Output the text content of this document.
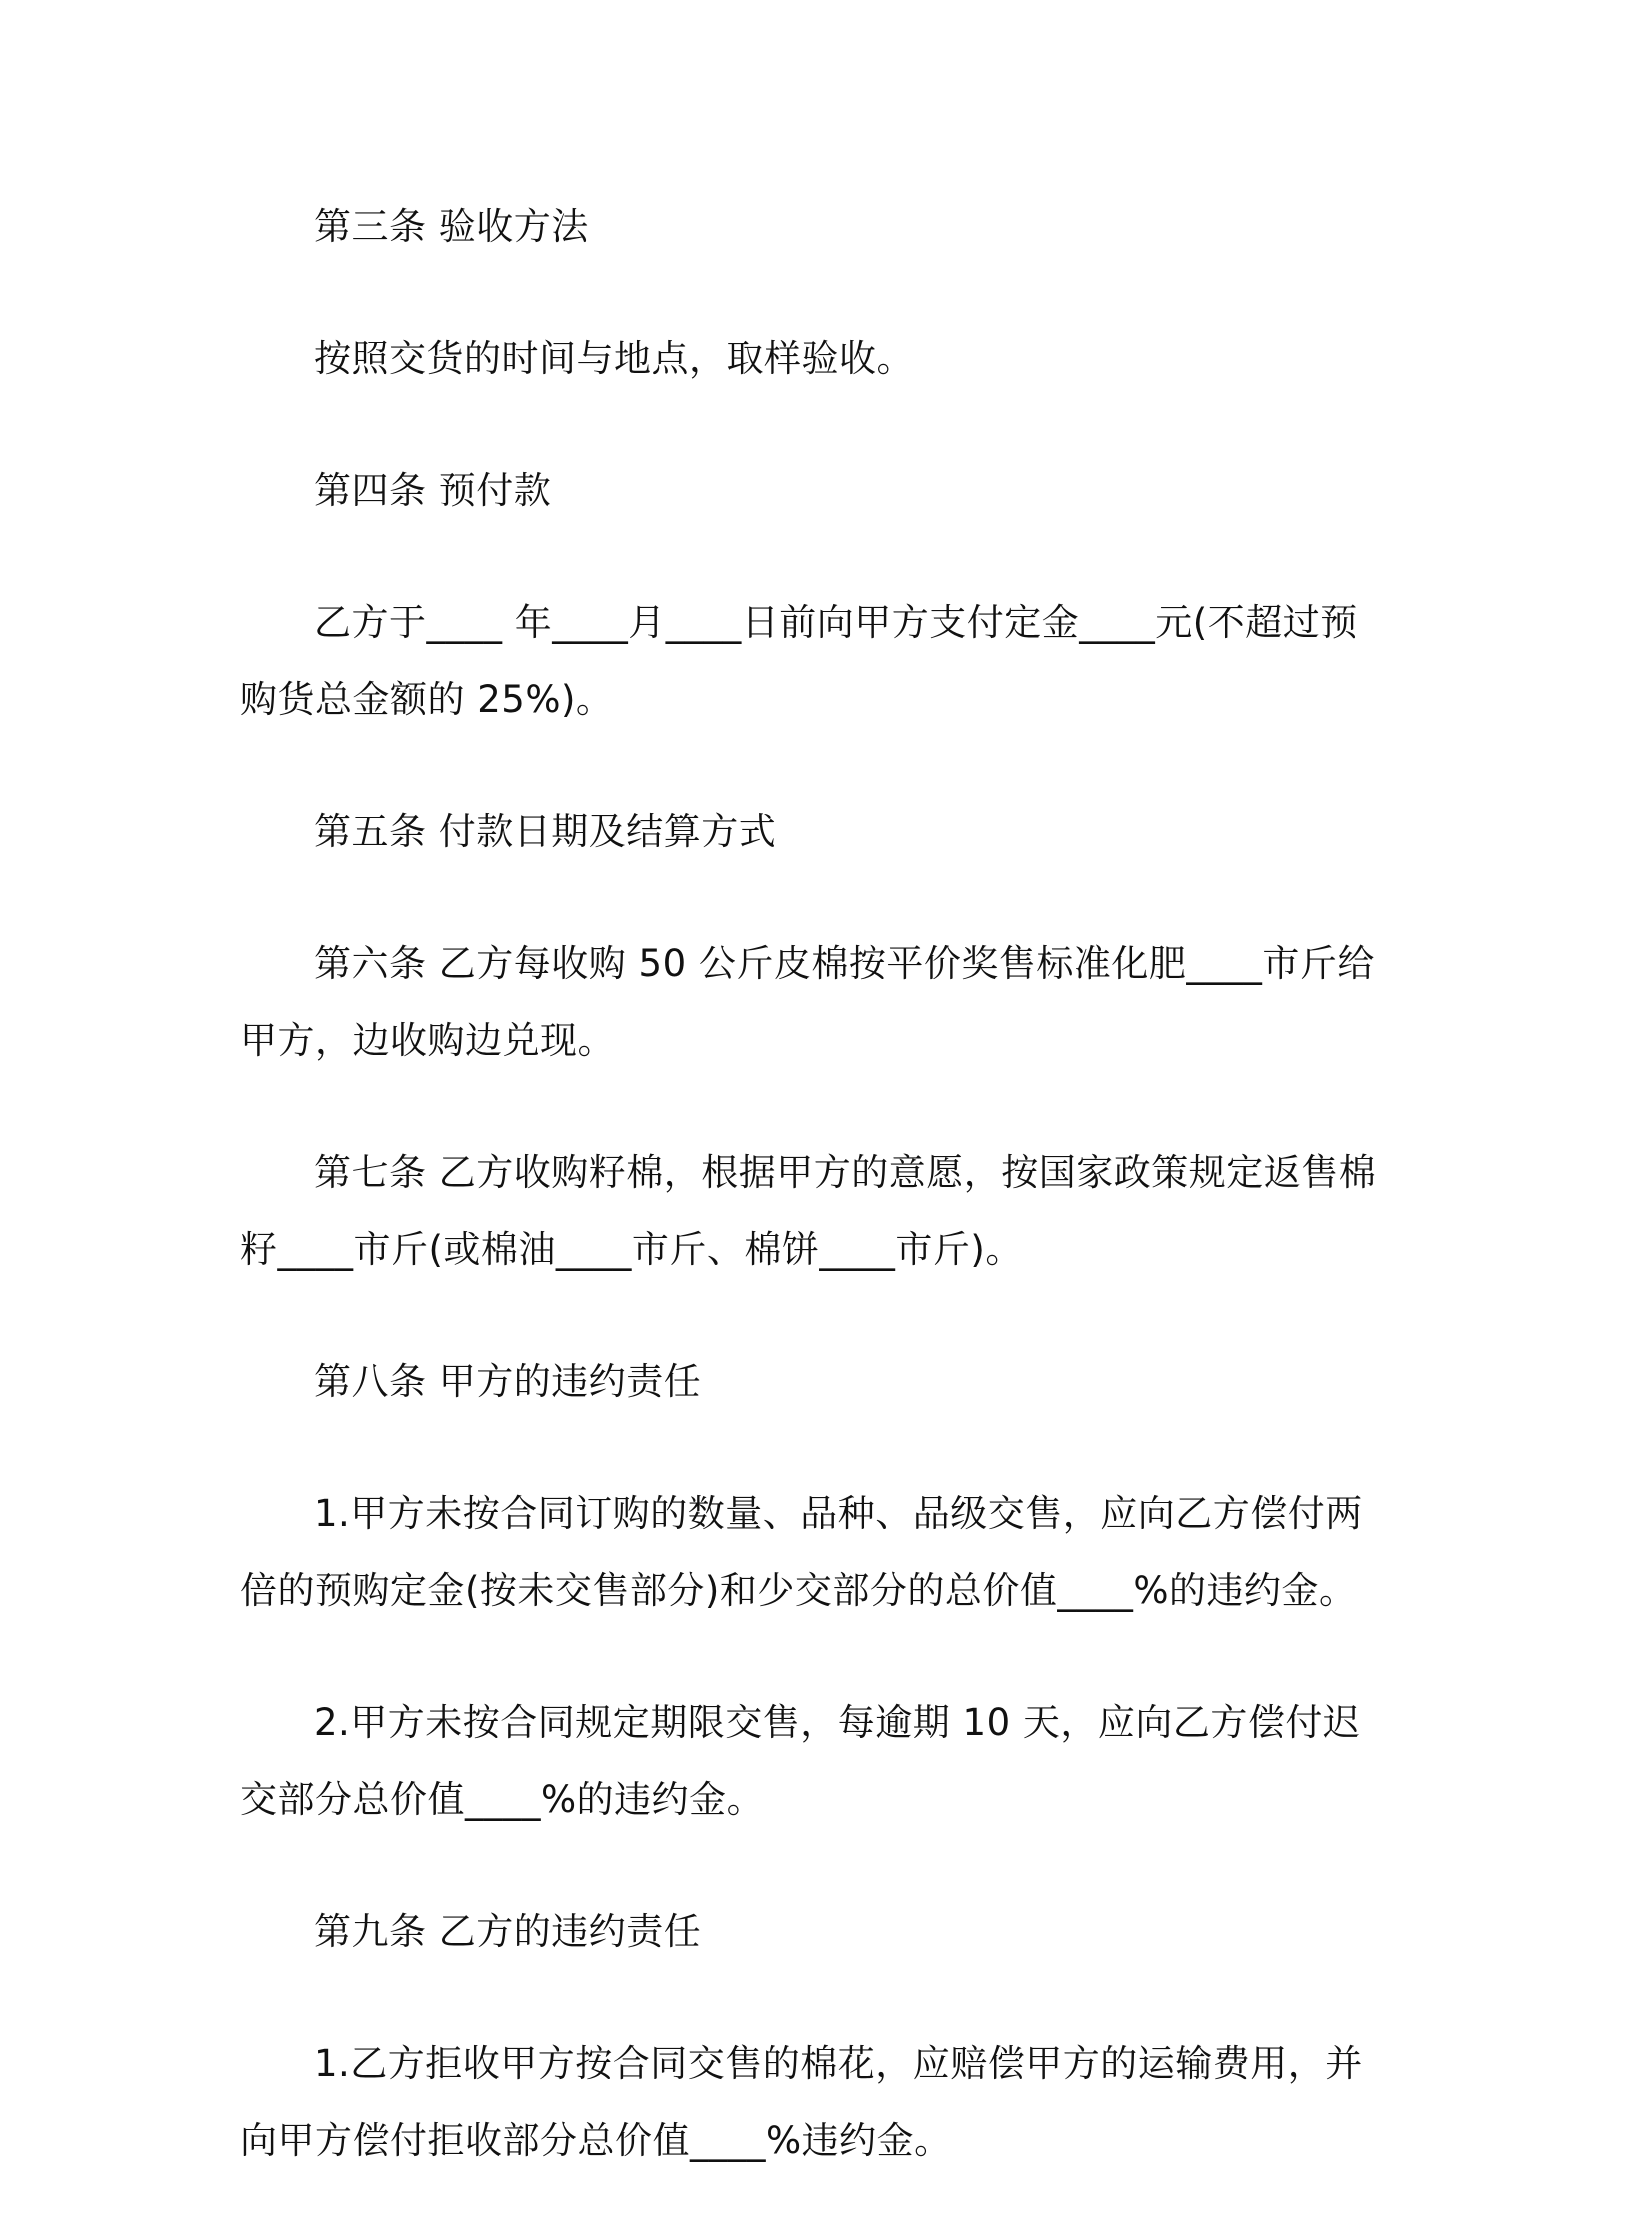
第三条 验收方法

按照交货的时间与地点，取样验收。

第四条 预付款

乙方于____ 年____月____日前向甲方支付定金____元(不超过预购货总金额的 25%)。

第五条 付款日期及结算方式

第六条 乙方每收购 50 公斤皮棉按平价奖售标准化肥____市斤给甲方，边收购边兑现。

第七条 乙方收购籽棉，根据甲方的意愿，按国家政策规定返售棉籽____市斤(或棉油____市斤、棉饼____市斤)。

第八条 甲方的违约责任

1.甲方未按合同订购的数量、品种、品级交售，应向乙方偿付两倍的预购定金(按未交售部分)和少交部分的总价值____%的违约金。

2.甲方未按合同规定期限交售，每逾期 10 天，应向乙方偿付迟交部分总价值____%的违约金。

第九条 乙方的违约责任

1.乙方拒收甲方按合同交售的棉花，应赔偿甲方的运输费用，并向甲方偿付拒收部分总价值____%违约金。
